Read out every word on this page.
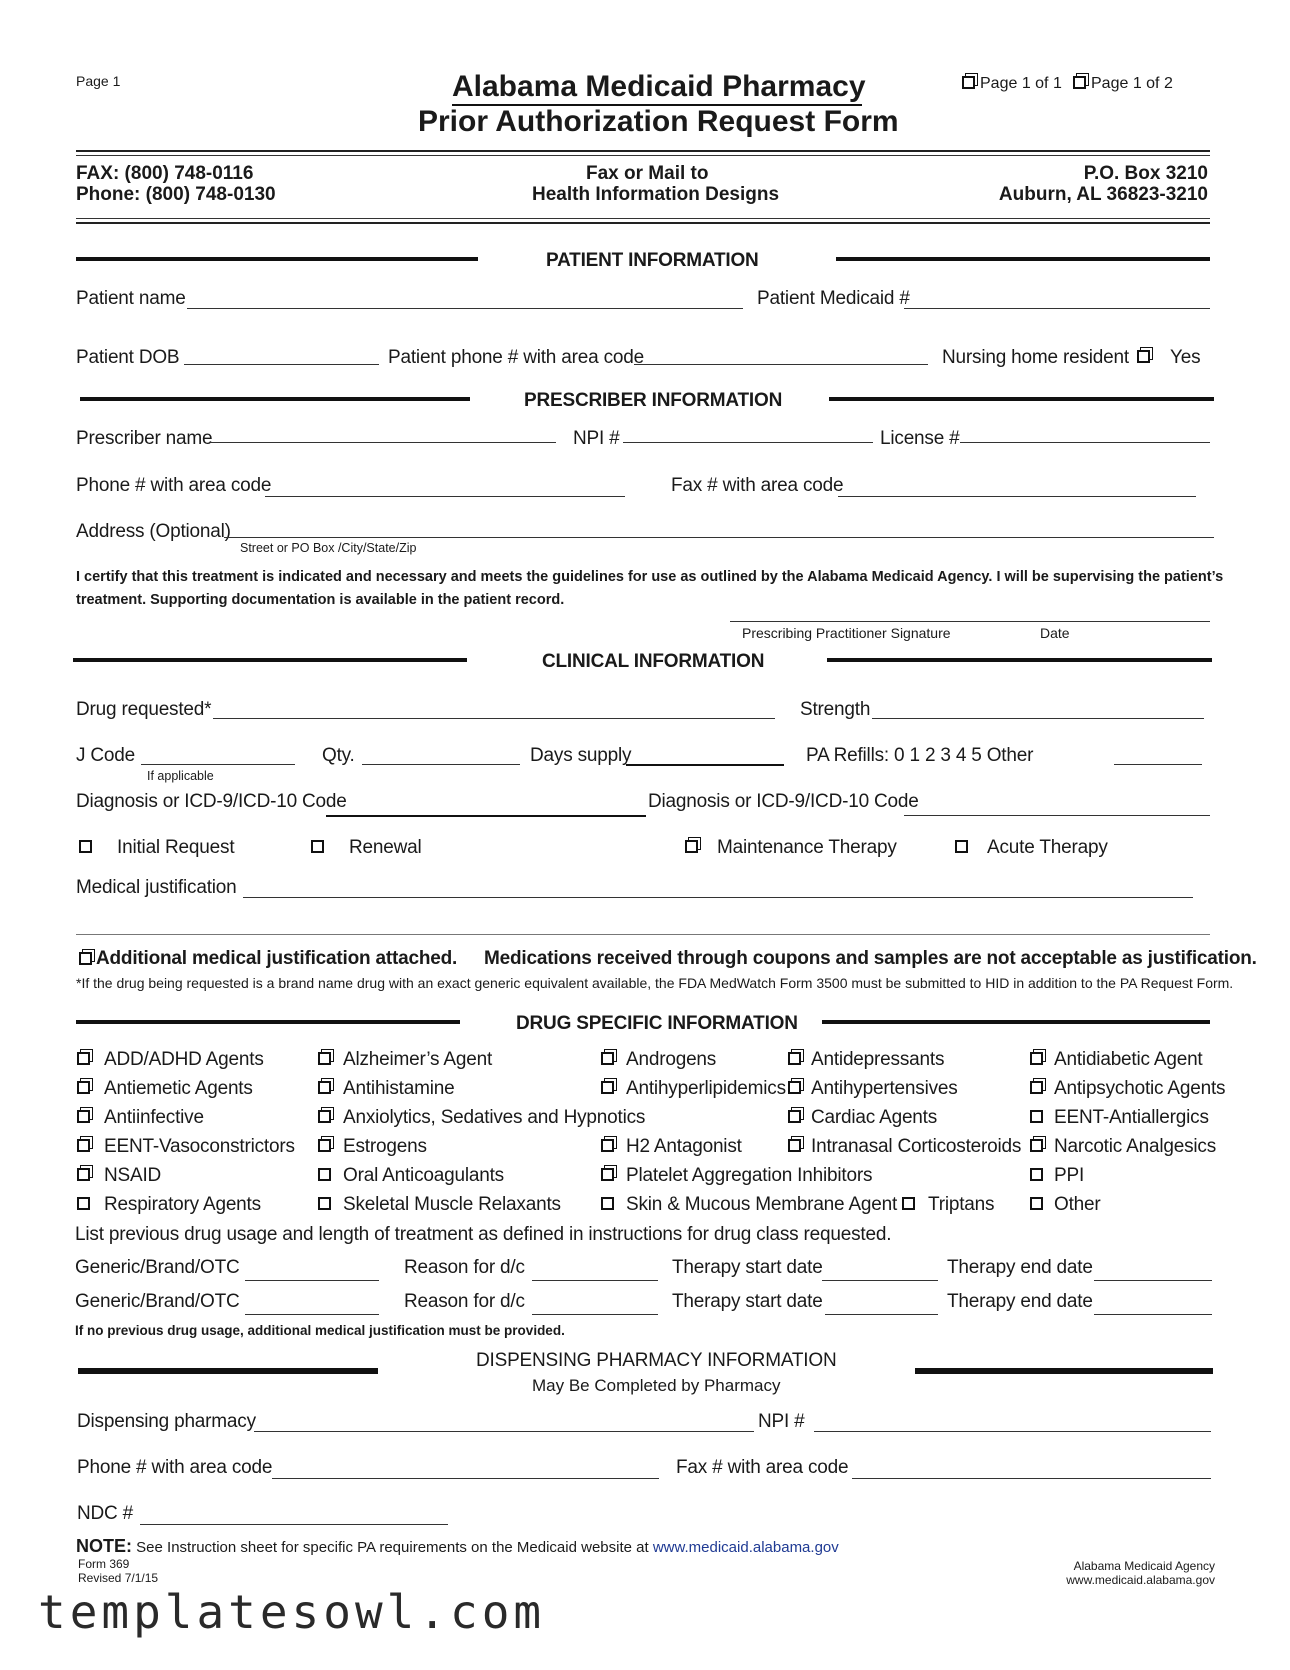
Page 1	Alabama Medicaid Pharmacy
Prior Authorization Request Form
Page 1 of 1 Page 1 of 2
FAX: (800) 748-0116
Phone: (800) 748-0130
Fax or Mail to
Health Information Designs
P.O. Box 3210
Auburn, AL 36823-3210
PATIENT INFORMATION
Patient name	Patient Medicaid #
Patient DOB	Patient phone # with area code	Nursing home resident Yes
PRESCRIBER INFORMATION
Prescriber name	NPI #	License #
Phone # with area code	Fax # with area code
Address (Optional)
Street or PO Box /City/State/Zip
I certify that this treatment is indicated and necessary and meets the guidelines for use as outlined by the Alabama Medicaid Agency. I will be supervising the patient’s
treatment. Supporting documentation is available in the patient record.
Prescribing Practitioner Signature	Date
CLINICAL INFORMATION
Drug requested*	Strength
J Code
If applicable
Qty.	Days supply	PA Refills: 0 1 2 3 4 5 Other
Diagnosis or ICD-9/ICD-10 Code	Diagnosis or ICD-9/ICD-10 Code
Initial Request	Renewal	Maintenance Therapy	Acute Therapy
Medical justification
Additional medical justification attached. Medications received through coupons and samples are not acceptable as justification.
*If the drug being requested is a brand name drug with an exact generic equivalent available, the FDA MedWatch Form 3500 must be submitted to HID in addition to the PA Request Form.
DRUG SPECIFIC INFORMATION
ADD/ADHD Agents
Antiemetic Agents
Antiinfective
EENT-Vasoconstrictors
NSAID
Respiratory Agents
Alzheimer’s Agent
Antihistamine
Anxiolytics, Sedatives and Hypnotics
Estrogens
Oral Anticoagulants
Skeletal Muscle Relaxants
Androgens
Antihyperlipidemics
H2 Antagonist
Platelet Aggregation Inhibitors
Skin & Mucous Membrane Agent
Antidepressants
Antihypertensives
Cardiac Agents
Intranasal Corticosteroids
Triptans
Antidiabetic Agent
Antipsychotic Agents
EENT-Antiallergics
Narcotic Analgesics
PPI
Other
List previous drug usage and length of treatment as defined in instructions for drug class requested.
Generic/Brand/OTC	Reason for d/c	Therapy start date	Therapy end date
Generic/Brand/OTC	Reason for d/c	Therapy start date	Therapy end date
If no previous drug usage, additional medical justification must be provided.
DISPENSING PHARMACY INFORMATION
May Be Completed by Pharmacy
Dispensing pharmacy	NPI #
Phone # with area code	Fax # with area code
NDC #
NOTE: See Instruction sheet for specific PA requirements on the Medicaid website at www.medicaid.alabama.gov
Form 369
Revised 7/1/15
Alabama Medicaid Agency
www.medicaid.alabama.gov
templatesowl.com
